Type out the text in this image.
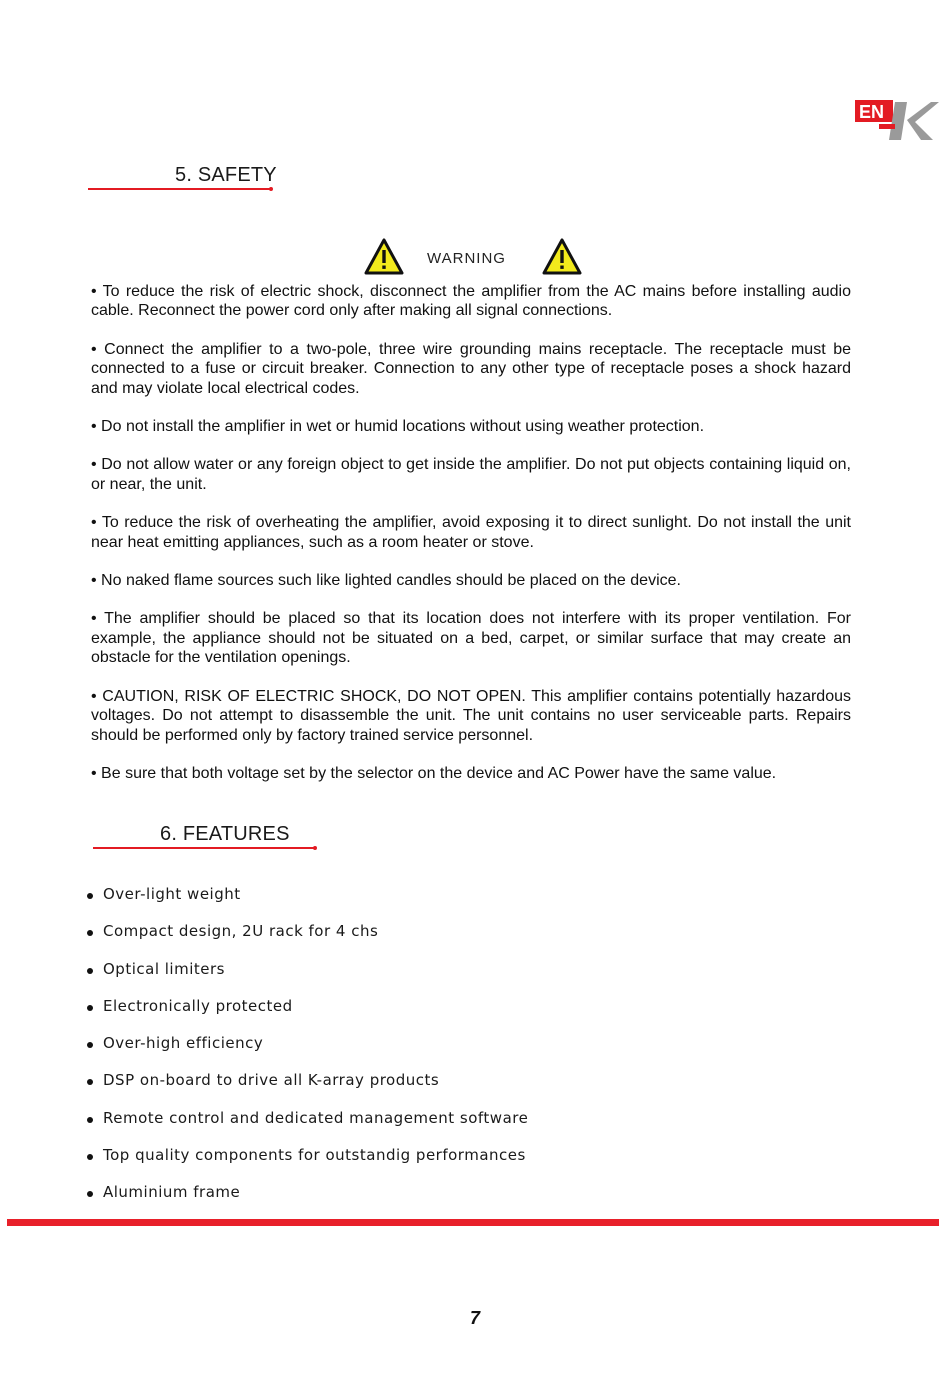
EN
5. SAFETY
WARNING

• To reduce the risk of electric shock, disconnect the amplifier from the AC mains before installing audio cable. Reconnect the power cord only after making all signal connections.

• Connect the amplifier to a two-pole, three wire grounding mains receptacle. The receptacle must be connected to a fuse or circuit breaker. Connection to any other type of receptacle poses a shock hazard and may violate local electrical codes.

• Do not install the amplifier in wet or humid locations without using weather protection.

• Do not allow water or any foreign object to get inside the amplifier. Do not put objects containing liquid on, or near, the unit.

• To reduce the risk of overheating the amplifier, avoid exposing it to direct sunlight. Do not install the unit near heat emitting appliances, such as a room heater or stove.

• No naked flame sources such like lighted candles should be placed on the device.

• The amplifier should be placed so that its location does not interfere with its proper ventilation. For example, the appliance should not be situated on a bed, carpet, or similar surface that may create an obstacle for the ventilation openings.

• CAUTION, RISK OF ELECTRIC SHOCK, DO NOT OPEN. This amplifier contains potentially hazardous voltages. Do not attempt to disassemble the unit. The unit contains no user serviceable parts. Repairs should be performed only by factory trained service personnel.

• Be sure that both voltage set by the selector on the device and AC Power have the same value.

6. FEATURES
Over-light weight
Compact design, 2U rack for 4 chs
Optical limiters
Electronically protected
Over-high efficiency
DSP on-board to drive all K-array products
Remote control and dedicated management software
Top quality components for outstandig performances
Aluminium frame
7
